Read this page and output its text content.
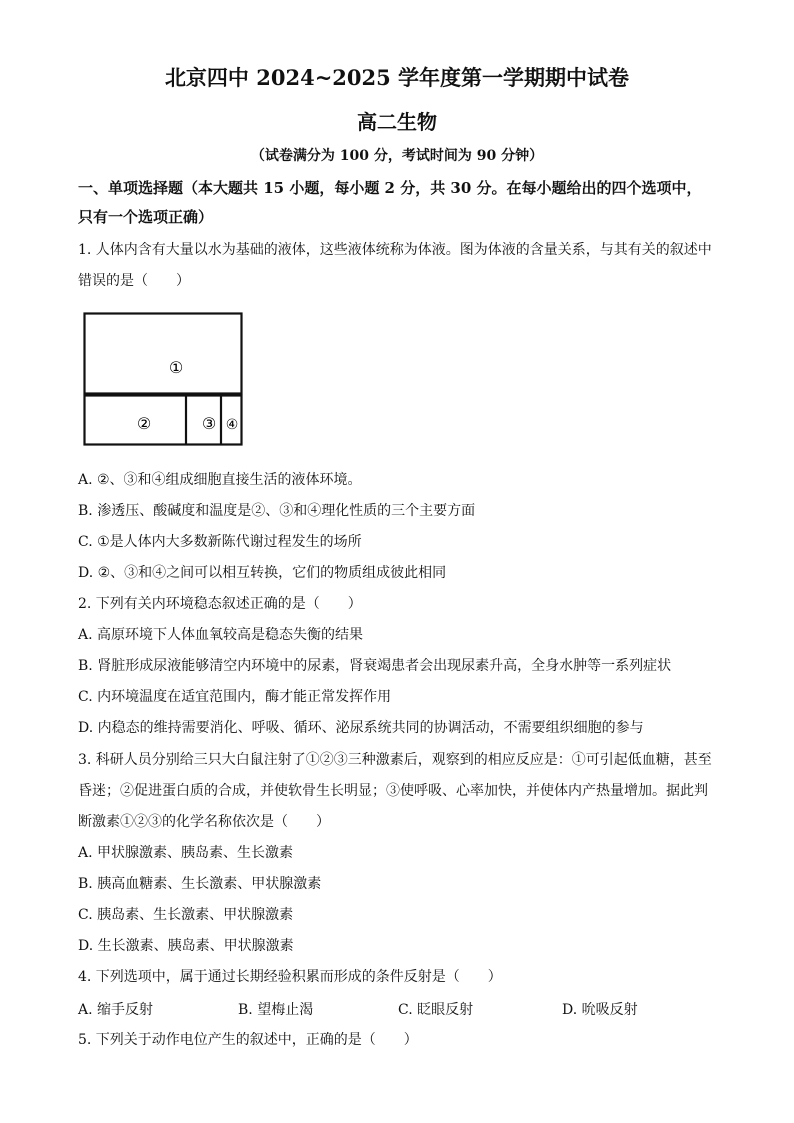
北京四中 2024~2025 学年度第一学期期中试卷
高二生物
（试卷满分为 100 分，考试时间为 90 分钟）
一、单项选择题（本大题共 15 小题，每小题 2 分，共 30 分。在每小题给出的四个选项中，
只有一个选项正确）
1. 人体内含有大量以水为基础的液体，这些液体统称为体液。图为体液的含量关系，与其有关的叙述中
错误的是（　　）
①
②	③ ④
A. ②、③和④组成细胞直接生活的液体环境。
B. 渗透压、酸碱度和温度是②、③和④理化性质的三个主要方面
C. ①是人体内大多数新陈代谢过程发生的场所
D. ②、③和④之间可以相互转换，它们的物质组成彼此相同
2. 下列有关内环境稳态叙述正确的是（　　）
A. 高原环境下人体血氧较高是稳态失衡的结果
B. 肾脏形成尿液能够清空内环境中的尿素，肾衰竭患者会出现尿素升高，全身水肿等一系列症状
C. 内环境温度在适宜范围内，酶才能正常发挥作用
D. 内稳态的维持需要消化、呼吸、循环、泌尿系统共同的协调活动，不需要组织细胞的参与
3. 科研人员分别给三只大白鼠注射了①②③三种激素后，观察到的相应反应是：①可引起低血糖，甚至
昏迷；②促进蛋白质的合成，并使软骨生长明显；③使呼吸、心率加快，并使体内产热量增加。据此判
断激素①②③的化学名称依次是（　　）
A. 甲状腺激素、胰岛素、生长激素
B. 胰高血糖素、生长激素、甲状腺激素
C. 胰岛素、生长激素、甲状腺激素
D. 生长激素、胰岛素、甲状腺激素
4. 下列选项中，属于通过长期经验积累而形成的条件反射是（　　）
A. 缩手反射	B. 望梅止渴	C. 眨眼反射	D. 吮吸反射
5. 下列关于动作电位产生的叙述中，正确的是（　　）
